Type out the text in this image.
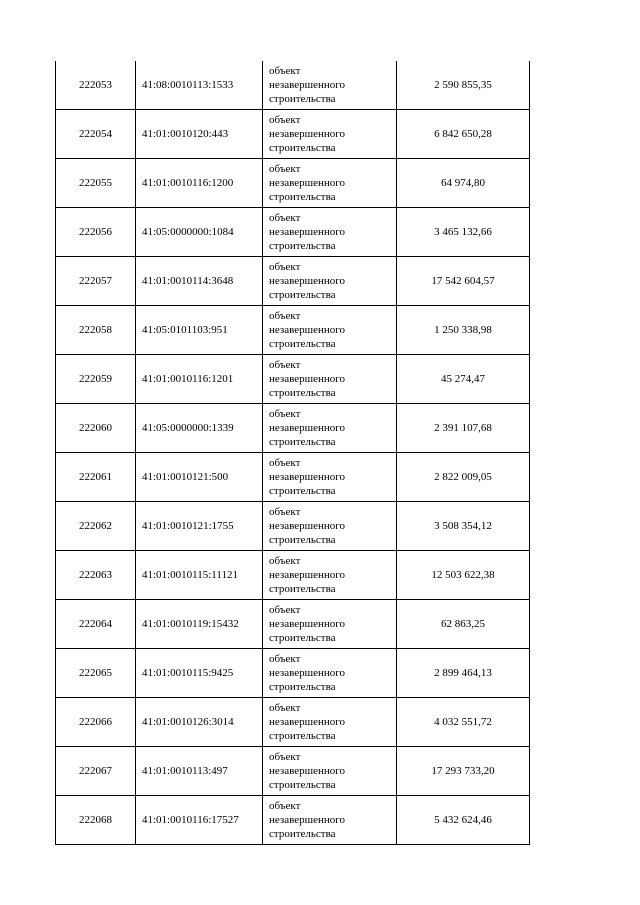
222053	41:08:0010113:1533	объект
незавершенного
строительства	2 590 855,35
222054	41:01:0010120:443	объект
незавершенного
строительства	6 842 650,28
222055	41:01:0010116:1200	объект
незавершенного
строительства	64 974,80
222056	41:05:0000000:1084	объект
незавершенного
строительства	3 465 132,66
222057	41:01:0010114:3648	объект
незавершенного
строительства	17 542 604,57
222058	41:05:0101103:951	объект
незавершенного
строительства	1 250 338,98
222059	41:01:0010116:1201	объект
незавершенного
строительства	45 274,47
222060	41:05:0000000:1339	объект
незавершенного
строительства	2 391 107,68
222061	41:01:0010121:500	объект
незавершенного
строительства	2 822 009,05
222062	41:01:0010121:1755	объект
незавершенного
строительства	3 508 354,12
222063	41:01:0010115:11121	объект
незавершенного
строительства	12 503 622,38
222064	41:01:0010119:15432	объект
незавершенного
строительства	62 863,25
222065	41:01:0010115:9425	объект
незавершенного
строительства	2 899 464,13
222066	41:01:0010126:3014	объект
незавершенного
строительства	4 032 551,72
222067	41:01:0010113:497	объект
незавершенного
строительства	17 293 733,20
222068	41:01:0010116:17527	объект
незавершенного
строительства	5 432 624,46
